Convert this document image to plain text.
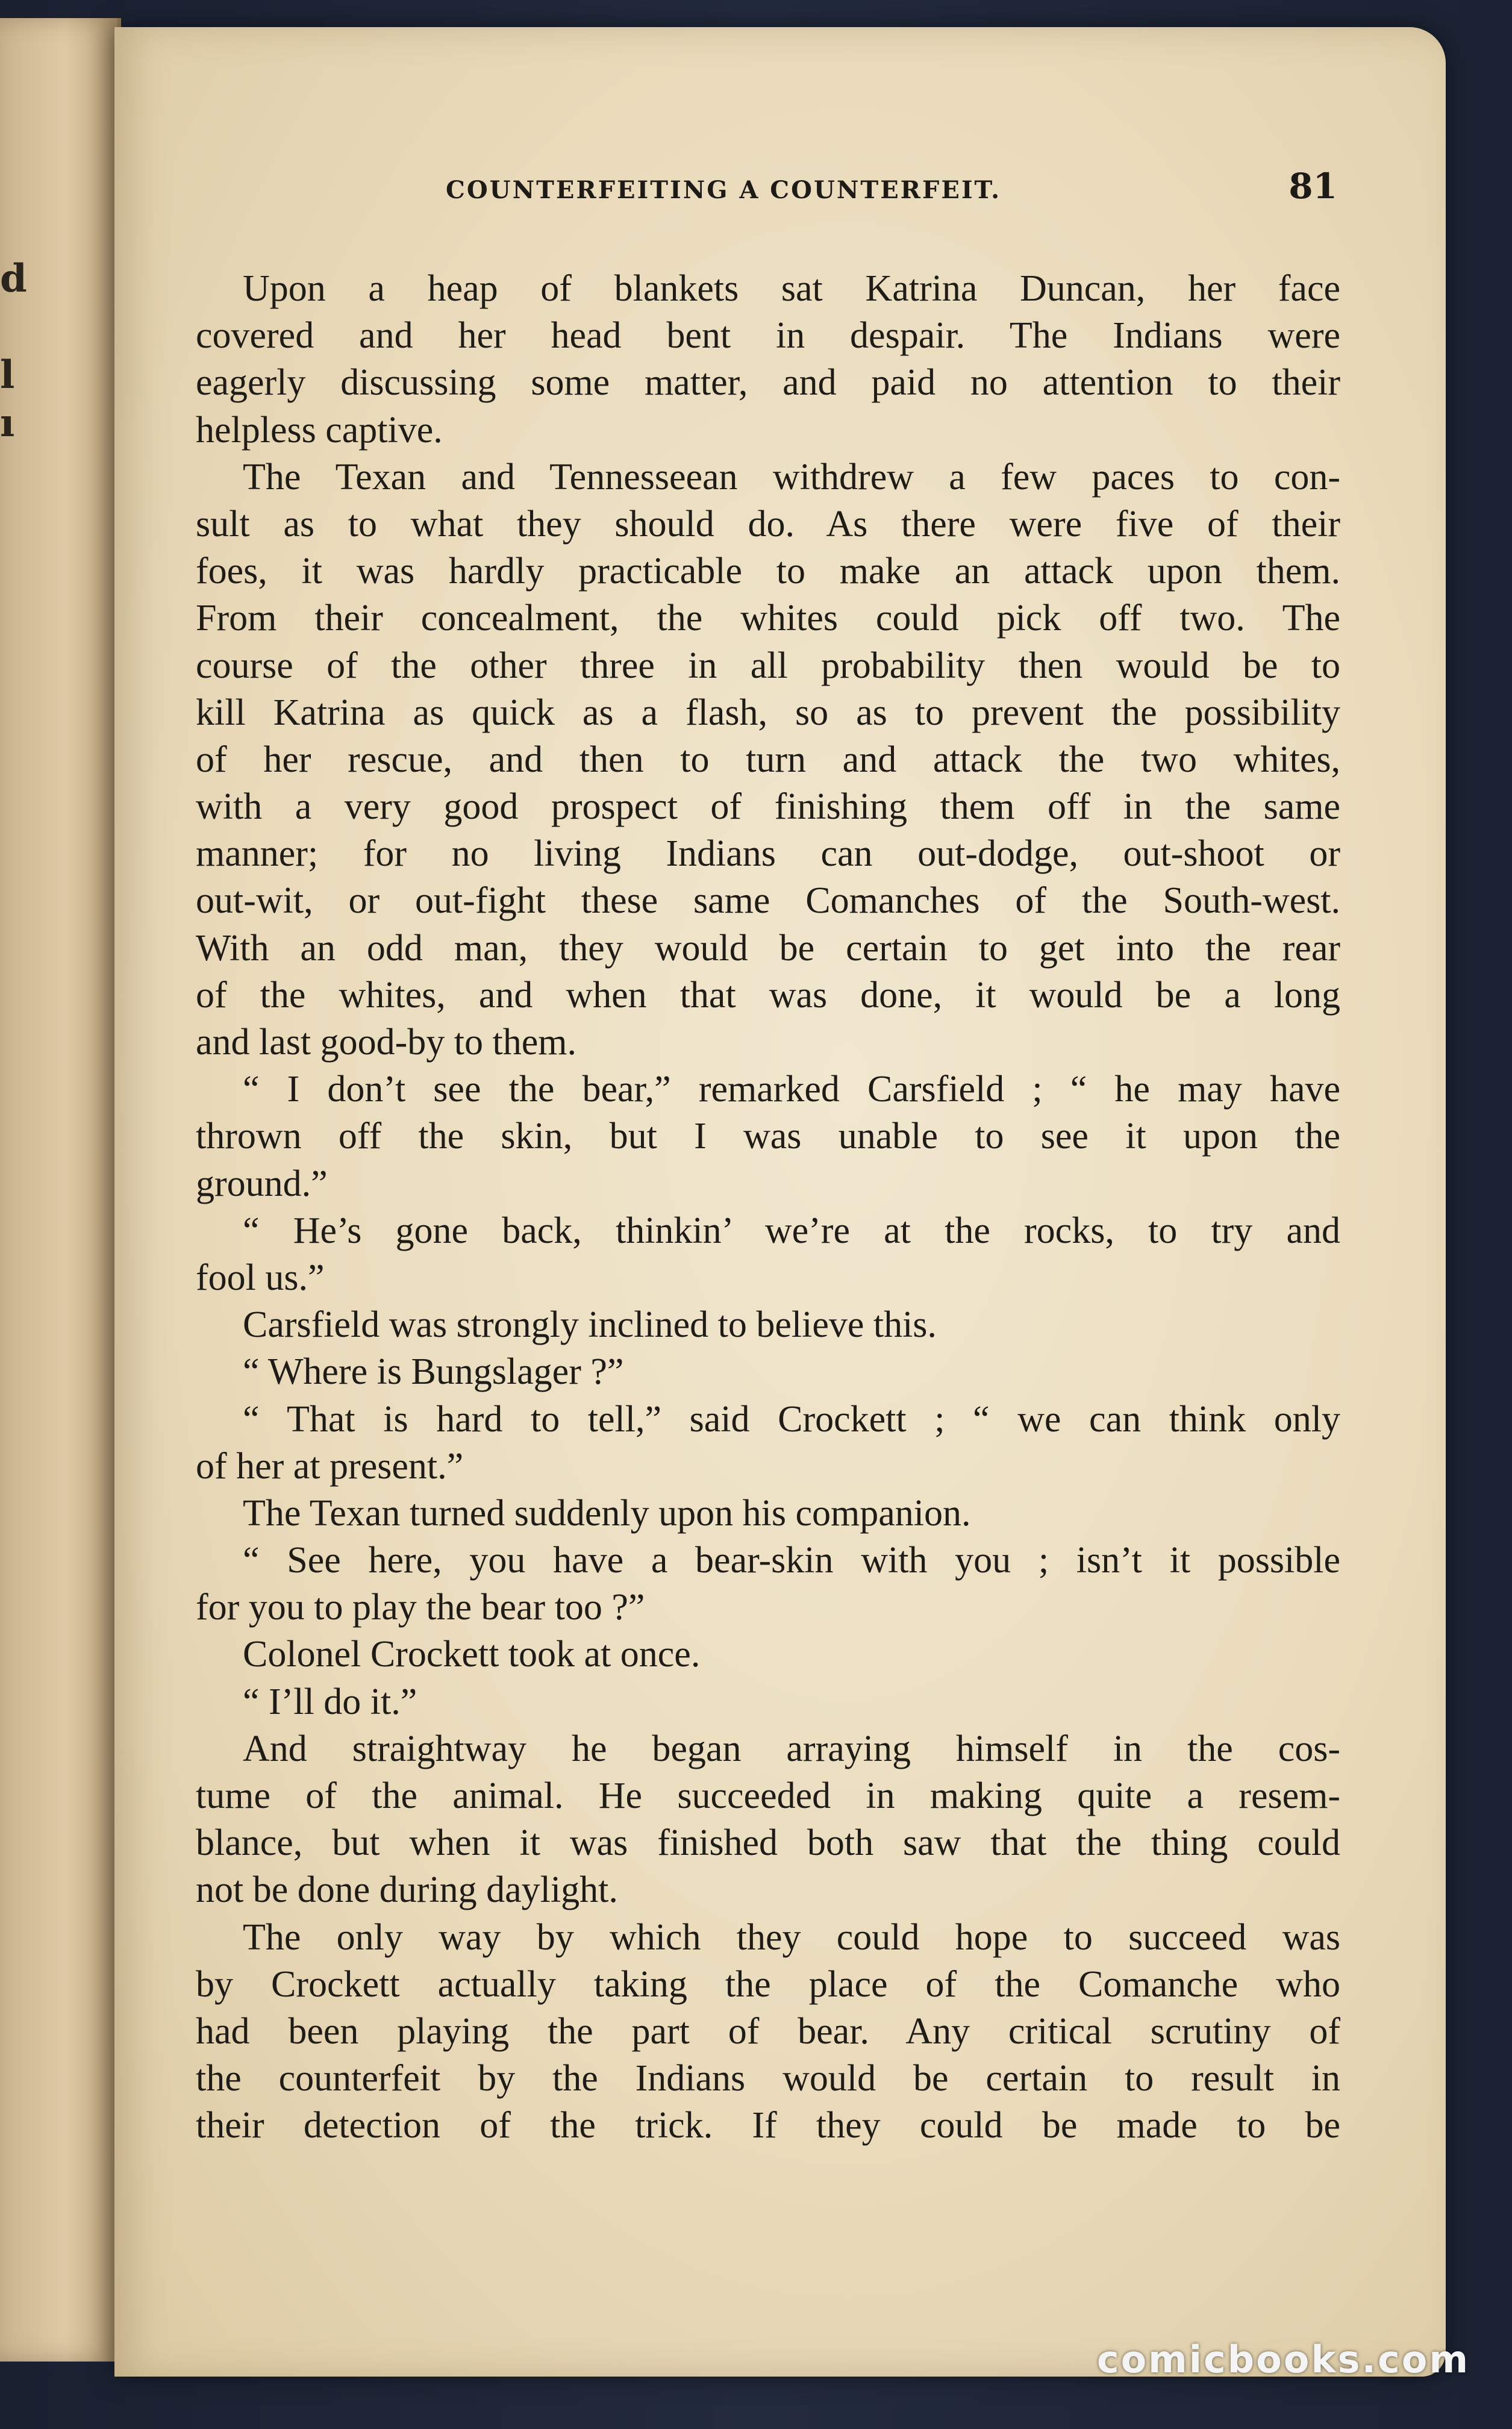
d
l
ı
COUNTERFEITING A COUNTERFEIT.	81
Upon a heap of blankets sat Katrina Duncan, her face
covered and her head bent in despair. The Indians were
eagerly discussing some matter, and paid no attention to their
helpless captive.
The Texan and Tennesseean withdrew a few paces to con-
sult as to what they should do. As there were five of their
foes, it was hardly practicable to make an attack upon them.
From their concealment, the whites could pick off two. The
course of the other three in all probability then would be to
kill Katrina as quick as a flash, so as to prevent the possibility
of her rescue, and then to turn and attack the two whites,
with a very good prospect of finishing them off in the same
manner; for no living Indians can out-dodge, out-shoot or
out-wit, or out-fight these same Comanches of the South-west.
With an odd man, they would be certain to get into the rear
of the whites, and when that was done, it would be a long
and last good-by to them.
“ I don’t see the bear,” remarked Carsfield ; “ he may have
thrown off the skin, but I was unable to see it upon the
ground.”
“ He’s gone back, thinkin’ we’re at the rocks, to try and
fool us.”
Carsfield was strongly inclined to believe this.
“ Where is Bungslager ?”
“ That is hard to tell,” said Crockett ; “ we can think only
of her at present.”
The Texan turned suddenly upon his companion.
“ See here, you have a bear-skin with you ; isn’t it possible
for you to play the bear too ?”
Colonel Crockett took at once.
“ I’ll do it.”
And straightway he began arraying himself in the cos-
tume of the animal. He succeeded in making quite a resem-
blance, but when it was finished both saw that the thing could
not be done during daylight.
The only way by which they could hope to succeed was
by Crockett actually taking the place of the Comanche who
had been playing the part of bear. Any critical scrutiny of
the counterfeit by the Indians would be certain to result in
their detection of the trick. If they could be made to be
comicbooks.com
